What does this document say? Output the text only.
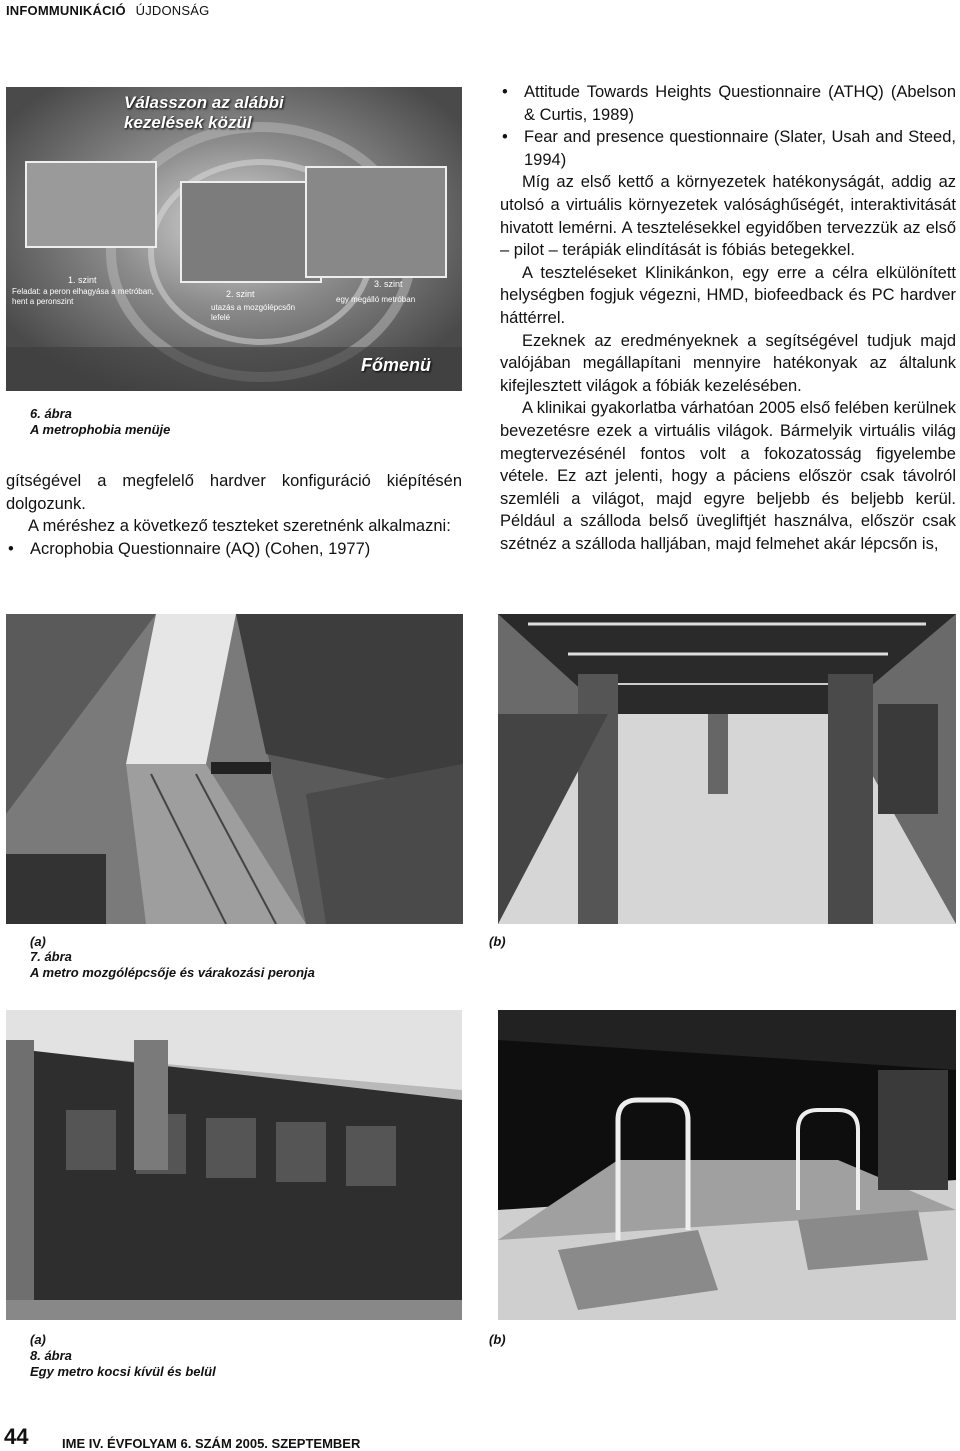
INFOMMUNIKÁCIÓ ÚJDONSÁG
Válasszon az alábbi kezelések közül
1. szint
Feladat: a peron elhagyása a metróban, hent a peronszint
2. szint
utazás a mozgólépcsőn lefelé
3. szint
egy megálló metróban
Főmenü
6. ábra
A metrophobia menüje

gítségével a megfelelő hardver konfiguráció kiépítésén dolgozunk.

A méréshez a következő teszteket szeretnénk alkalmazni:

• Acrophobia Questionnaire (AQ) (Cohen, 1977)

• Attitude Towards Heights Questionnaire (ATHQ) (Abelson & Curtis, 1989)

• Fear and presence questionnaire (Slater, Usah and Steed, 1994)

Míg az első kettő a környezetek hatékonyságát, addig az utolsó a virtuális környezetek valósághűségét, interaktivitását hivatott lemérni. A tesztelésekkel egyidőben tervezzük az első – pilot – terápiák elindítását is fóbiás betegekkel.

A teszteléseket Klinikánkon, egy erre a célra elkülönített helységben fogjuk végezni, HMD, biofeedback és PC hardver háttérrel.

Ezeknek az eredményeknek a segítségével tudjuk majd valójában megállapítani mennyire hatékonyak az általunk kifejlesztett világok a fóbiák kezelésében.

A klinikai gyakorlatba várhatóan 2005 első felében kerülnek bevezetésre ezek a virtuális világok. Bármelyik virtuális világ megtervezésénél fontos volt a fokozatosság figyelembe vétele. Ez azt jelenti, hogy a páciens először csak távolról szemléli a világot, majd egyre beljebb és beljebb kerül. Például a szálloda belső üvegliftjét használva, először csak szétnéz a szálloda halljában, majd felmehet akár lépcsőn is,

(a)	(b)
7. ábra
A metro mozgólépcsője és várakozási peronja
(a)	(b)
8. ábra
Egy metro kocsi kívül és belül
44	IME IV. ÉVFOLYAM 6. SZÁM 2005. SZEPTEMBER
